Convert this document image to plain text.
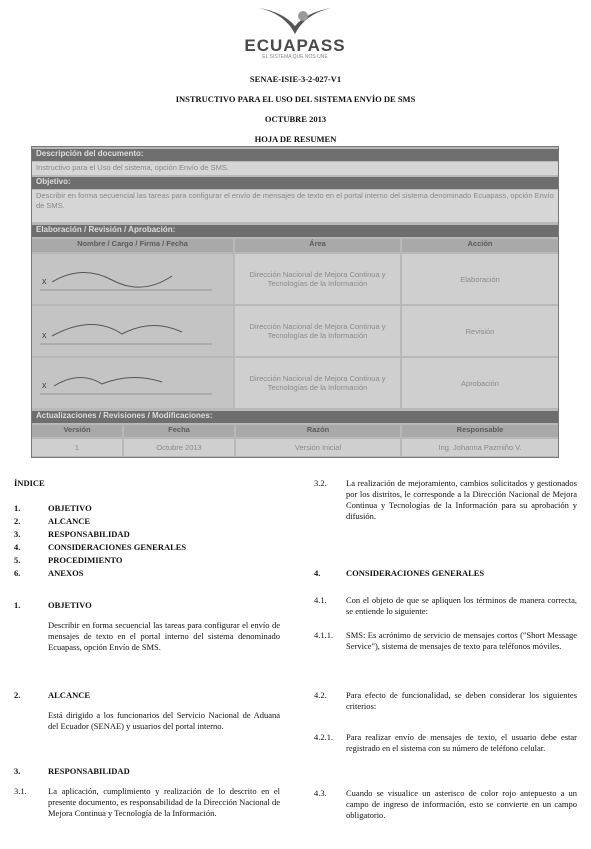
ECUAPASS
EL SISTEMA QUE NOS UNE
SENAE-ISIE-3-2-027-V1
INSTRUCTIVO PARA EL USO DEL SISTEMA ENVÍO DE SMS
OCTUBRE 2013
HOJA DE RESUMEN
Descripción del documento:
Instructivo para el Uso del sistema, opción Envío de SMS.
Objetivo:
Describir en forma secuencial las tareas para configurar el envío de mensajes de texto en el portal interno del sistema denominado Ecuapass, opción Envío de SMS.
Elaboración / Revisión / Aprobación:
Nombre / Cargo / Firma / Fecha	Área	Acción
x
Dirección Nacional de Mejora Continua y Tecnologías de la Información	Elaboración
x
Dirección Nacional de Mejora Continua y Tecnologías de la Información	Revisión
x
Dirección Nacional de Mejora Continua y Tecnologías de la Información	Aprobación
Actualizaciones / Revisiones / Modificaciones:
Versión	Fecha	Razón	Responsable
1	Octubre 2013	Versión Inicial	Ing. Johanna Pazmiño V.
ÍNDICE
1.	OBJETIVO
2.	ALCANCE
3.	RESPONSABILIDAD
4.	CONSIDERACIONES GENERALES
5.	PROCEDIMIENTO
6.	ANEXOS
1.	OBJETIVO
Describir en forma secuencial las tareas para configurar el envío de mensajes de texto en el portal interno del sistema denominado Ecuapass, opción Envío de SMS.
2.	ALCANCE
Está dirigido a los funcionarios del Servicio Nacional de Aduana del Ecuador (SENAE) y usuarios del portal interno.
3.	RESPONSABILIDAD
3.1.	La aplicación, cumplimiento y realización de lo descrito en el presente documento, es responsabilidad de la Dirección Nacional de Mejora Continua y Tecnología de la Información.
3.2. La realización de mejoramiento, cambios solicitados y gestionados por los distritos, le corresponde a la Dirección Nacional de Mejora Continua y Tecnologías de la Información para su aprobación y difusión.
4.	CONSIDERACIONES GENERALES
4.1. Con el objeto de que se apliquen los términos de manera correcta, se entiende lo siguiente:
4.1.1. SMS: Es acrónimo de servicio de mensajes cortos ("Short Message Service"), sistema de mensajes de texto para teléfonos móviles.
4.2. Para efecto de funcionalidad, se deben considerar los siguientes criterios:
4.2.1. Para realizar envío de mensajes de texto, el usuario debe estar registrado en el sistema con su número de teléfono celular.
4.3. Cuando se visualice un asterisco de color rojo antepuesto a un campo de ingreso de información, esto se convierte en un campo obligatorio.
